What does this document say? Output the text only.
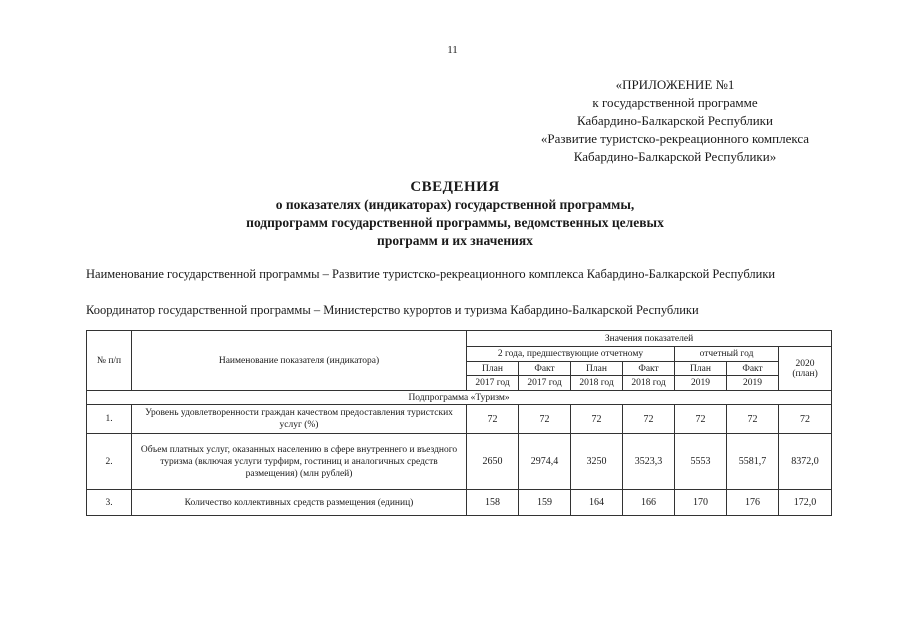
11
«ПРИЛОЖЕНИЕ №1
к государственной программе
Кабардино-Балкарской Республики
«Развитие туристско-рекреационного комплекса
Кабардино-Балкарской Республики»
СВЕДЕНИЯ
о показателях (индикаторах) государственной программы,
подпрограмм государственной программы, ведомственных целевых
программ и их значениях
Наименование государственной программы – Развитие туристско-рекреационного комплекса Кабардино-Балкарской Республики
Координатор государственной программы – Министерство курортов и туризма Кабардино-Балкарской Республики
№ п/п	Наименование показателя (индикатора)	Значения показателей						
		2 года, предшествующие отчетному				отчетный год		2020 (план)
		План	Факт	План	Факт	План	Факт	
		2017 год	2017 год	2018 год	2018 год	2019	2019	
Подпрограмма «Туризм»								
1.	Уровень удовлетворенности граждан качеством предоставления туристских услуг (%)	72	72	72	72	72	72	72
2.	Объем платных услуг, оказанных населению в сфере внутреннего и въездного туризма (включая услуги турфирм, гостиниц и аналогичных средств размещения) (млн рублей)	2650	2974,4	3250	3523,3	5553	5581,7	8372,0
3.	Количество коллективных средств размещения (единиц)	158	159	164	166	170	176	172,0
